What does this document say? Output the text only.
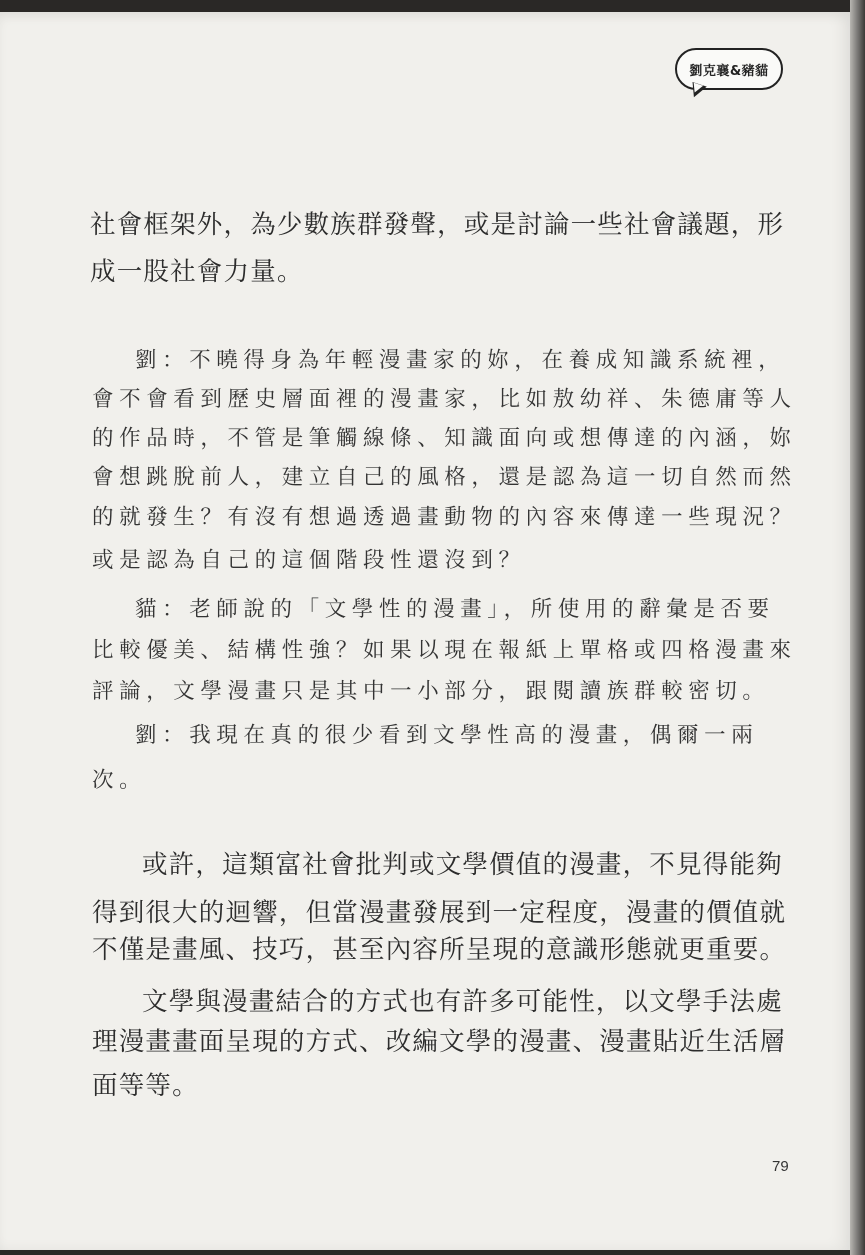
劉克襄&豬貓

社會框架外，為少數族群發聲，或是討論一些社會議題，形

成一股社會力量。

劉：不曉得身為年輕漫畫家的妳，在養成知識系統裡，

會不會看到歷史層面裡的漫畫家，比如敖幼祥、朱德庸等人

的作品時，不管是筆觸線條、知識面向或想傳達的內涵，妳

會想跳脫前人，建立自己的風格，還是認為這一切自然而然

的就發生？有沒有想過透過畫動物的內容來傳達一些現況？

或是認為自己的這個階段性還沒到？

貓：老師說的「文學性的漫畫」，所使用的辭彙是否要

比較優美、結構性強？如果以現在報紙上單格或四格漫畫來

評論，文學漫畫只是其中一小部分，跟閱讀族群較密切。

劉：我現在真的很少看到文學性高的漫畫，偶爾一兩

次。

或許，這類富社會批判或文學價值的漫畫，不見得能夠

得到很大的迴響，但當漫畫發展到一定程度，漫畫的價值就

不僅是畫風、技巧，甚至內容所呈現的意識形態就更重要。

文學與漫畫結合的方式也有許多可能性，以文學手法處

理漫畫畫面呈現的方式、改編文學的漫畫、漫畫貼近生活層

面等等。

79
